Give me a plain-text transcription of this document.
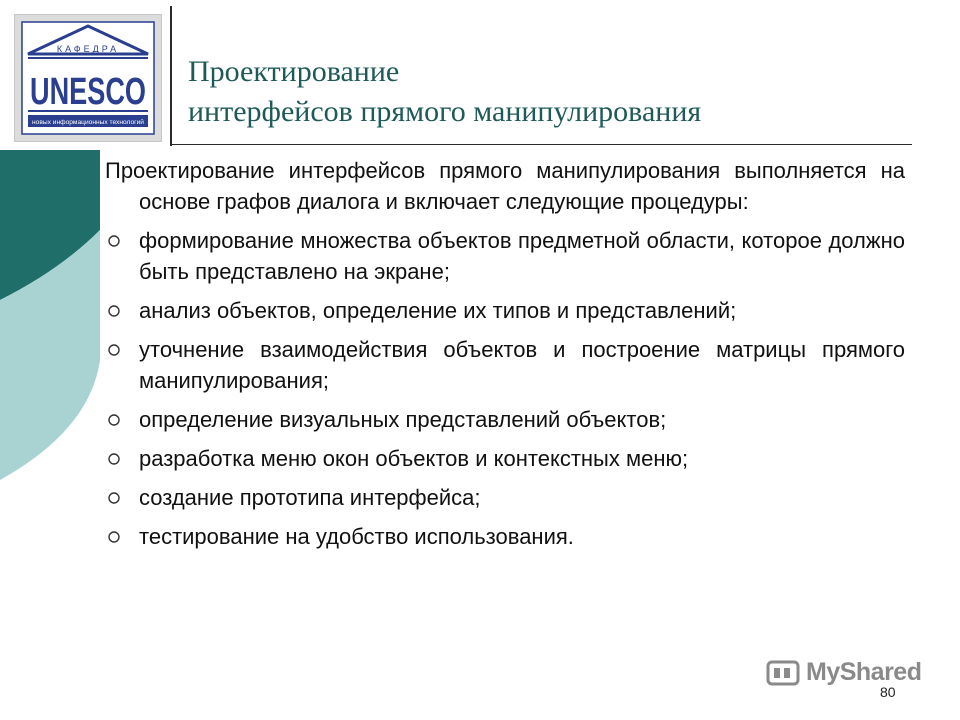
КАФЕДРА
UNESCO
новых информационных технологий
Проектирование
интерфейсов прямого манипулирования

Проектирование интерфейсов прямого манипулирования выполняется на основе графов диалога и включает следующие процедуры:

формирование множества объектов предметной области, которое должно быть представлено на экране;
анализ объектов, определение их типов и представлений;
уточнение взаимодействия объектов и построение матрицы прямого манипулирования;
определение визуальных представлений объектов;
разработка меню окон объектов и контекстных меню;
создание прототипа интерфейса;
тестирование на удобство использования.
MyShared
80
